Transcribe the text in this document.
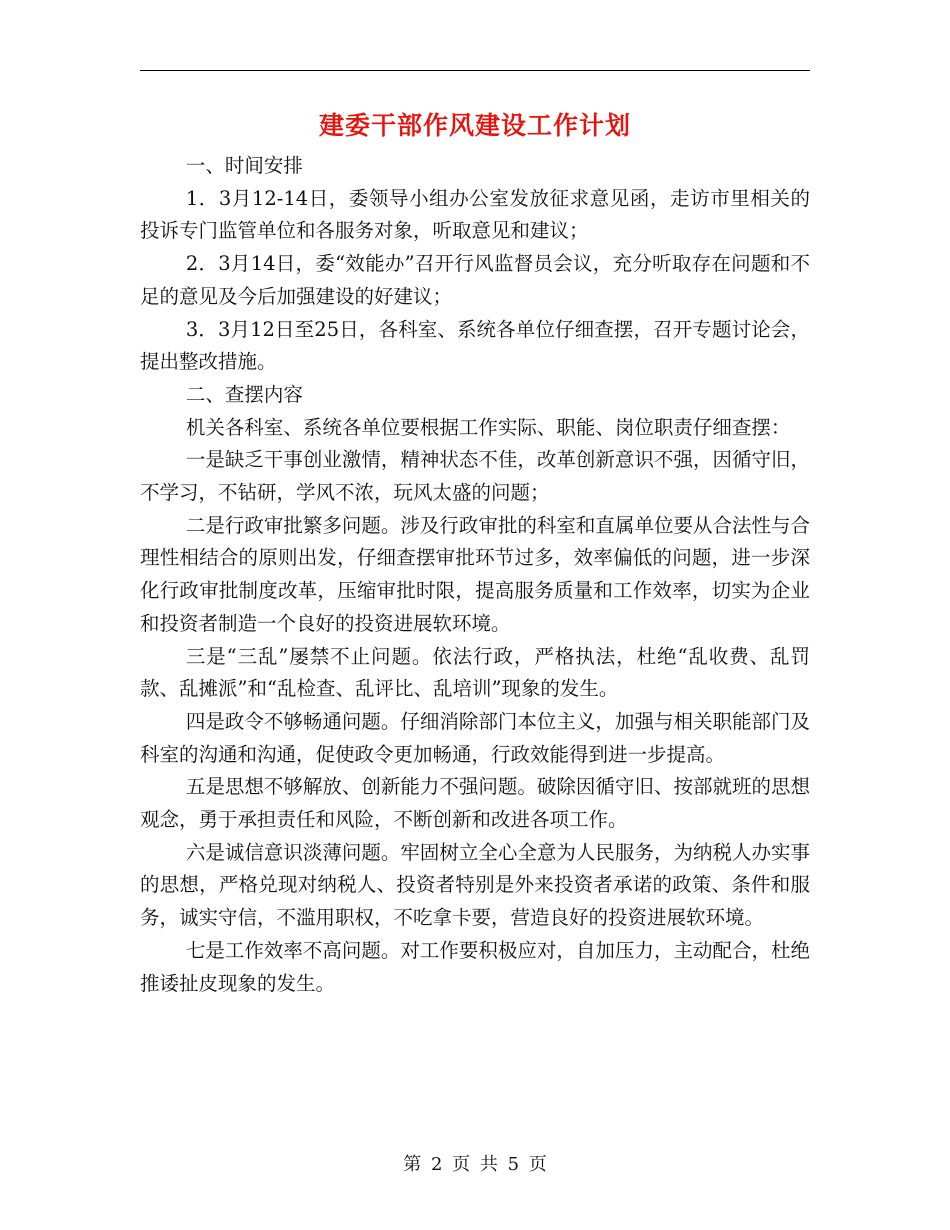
建委干部作风建设工作计划

一、时间安排

1．3月12-14日，委领导小组办公室发放征求意见函，走访市里相关的投诉专门监管单位和各服务对象，听取意见和建议；

2．3月14日，委“效能办”召开行风监督员会议，充分听取存在问题和不足的意见及今后加强建设的好建议；

3．3月12日至25日，各科室、系统各单位仔细查摆，召开专题讨论会，提出整改措施。

二、查摆内容

机关各科室、系统各单位要根据工作实际、职能、岗位职责仔细查摆：

一是缺乏干事创业激情，精神状态不佳，改革创新意识不强，因循守旧，不学习，不钻研，学风不浓，玩风太盛的问题；

二是行政审批繁多问题。涉及行政审批的科室和直属单位要从合法性与合理性相结合的原则出发，仔细查摆审批环节过多，效率偏低的问题，进一步深化行政审批制度改革，压缩审批时限，提高服务质量和工作效率，切实为企业和投资者制造一个良好的投资进展软环境。

三是“三乱”屡禁不止问题。依法行政，严格执法，杜绝“乱收费、乱罚款、乱摊派”和“乱检查、乱评比、乱培训”现象的发生。

四是政令不够畅通问题。仔细消除部门本位主义，加强与相关职能部门及科室的沟通和沟通，促使政令更加畅通，行政效能得到进一步提高。

五是思想不够解放、创新能力不强问题。破除因循守旧、按部就班的思想观念，勇于承担责任和风险，不断创新和改进各项工作。

六是诚信意识淡薄问题。牢固树立全心全意为人民服务，为纳税人办实事的思想，严格兑现对纳税人、投资者特别是外来投资者承诺的政策、条件和服务，诚实守信，不滥用职权，不吃拿卡要，营造良好的投资进展软环境。

七是工作效率不高问题。对工作要积极应对，自加压力，主动配合，杜绝推诿扯皮现象的发生。

第 2 页 共 5 页
